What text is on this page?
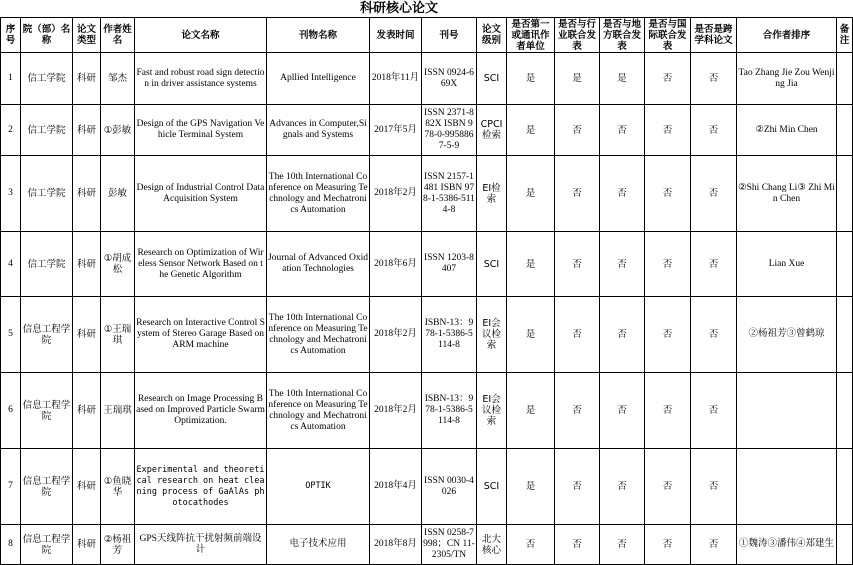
科研核心论文
序号	院（部）名称	论文类型	作者姓名	论文名称	刊物名称	发表时间	刊号	论文级别	是否第一或通讯作者单位	是否与行业联合发表	是否与地方联合发表	是否与国际联合发表	是否是跨学科论文	合作者排序	备注
1	信工学院	科研	邹杰	Fast and robust road sign detection in driver assistance systems	Apllied Intelligence	2018年11月	ISSN 0924-669X	SCI	是	是	是	否	否	Tao Zhang Jie Zou Wenjing Jia	
2	信工学院	科研	①彭敏	Design of the GPS Navigation Vehicle Terminal System	Advances in Computer,Signals and Systems	2017年5月	ISSN 2371-882X ISBN 978-0-9958867-5-9	CPCI检索	是	否	否	否	否	②Zhi Min Chen	
3	信工学院	科研	彭敏	Design of Industrial Control Data Acquisition System	The 10th International Conference on Measuring Technology and Mechatronics Automation	2018年2月	ISSN 2157-1481 ISBN 978-1-5386-5114-8	EI检索	是	否	否	否	否	②Shi Chang Li③ Zhi Min Chen	
4	信工学院	科研	①胡成松	Research on Optimization of Wireless Sensor Network Based on the Genetic Algorithm	Journal of Advanced Oxidation Technologies	2018年6月	ISSN 1203-8407	SCI	是	否	否	否	否	Lian Xue	
5	信息工程学院	科研	①王瑞琪	Research on Interactive Control System of Stereo Garage Based on ARM machine	The 10th International Conference on Measuring Technology and Mechatronics Automation	2018年2月	ISBN-13：978-1-5386-5114-8	EI会议检索	是	否	否	否	否	②杨祖芳③曾鹤琼	
6	信息工程学院	科研	王瑞琪	Research on Image Processing Based on Improved Particle Swarm Optimization.	The 10th International Conference on Measuring Technology and Mechatronics Automation	2018年2月	ISBN-13：978-1-5386-5114-8	EI会议检索	是	否	否	否	否		
7	信息工程学院	科研	①鱼晓华	Experimental and theoretical research on heat cleaning process of GaAlAs photocathodes	OPTIK	2018年4月	ISSN 0030-4026	SCI	是	否	否	否	否		
8	信息工程学院	科研	②杨祖芳	GPS天线阵抗干扰射频前端设计	电子技术应用	2018年8月	ISSN 0258-7998；CN 11-2305/TN	北大核心	否	否	否	否	否	①魏涛③潘伟④郑建生	
